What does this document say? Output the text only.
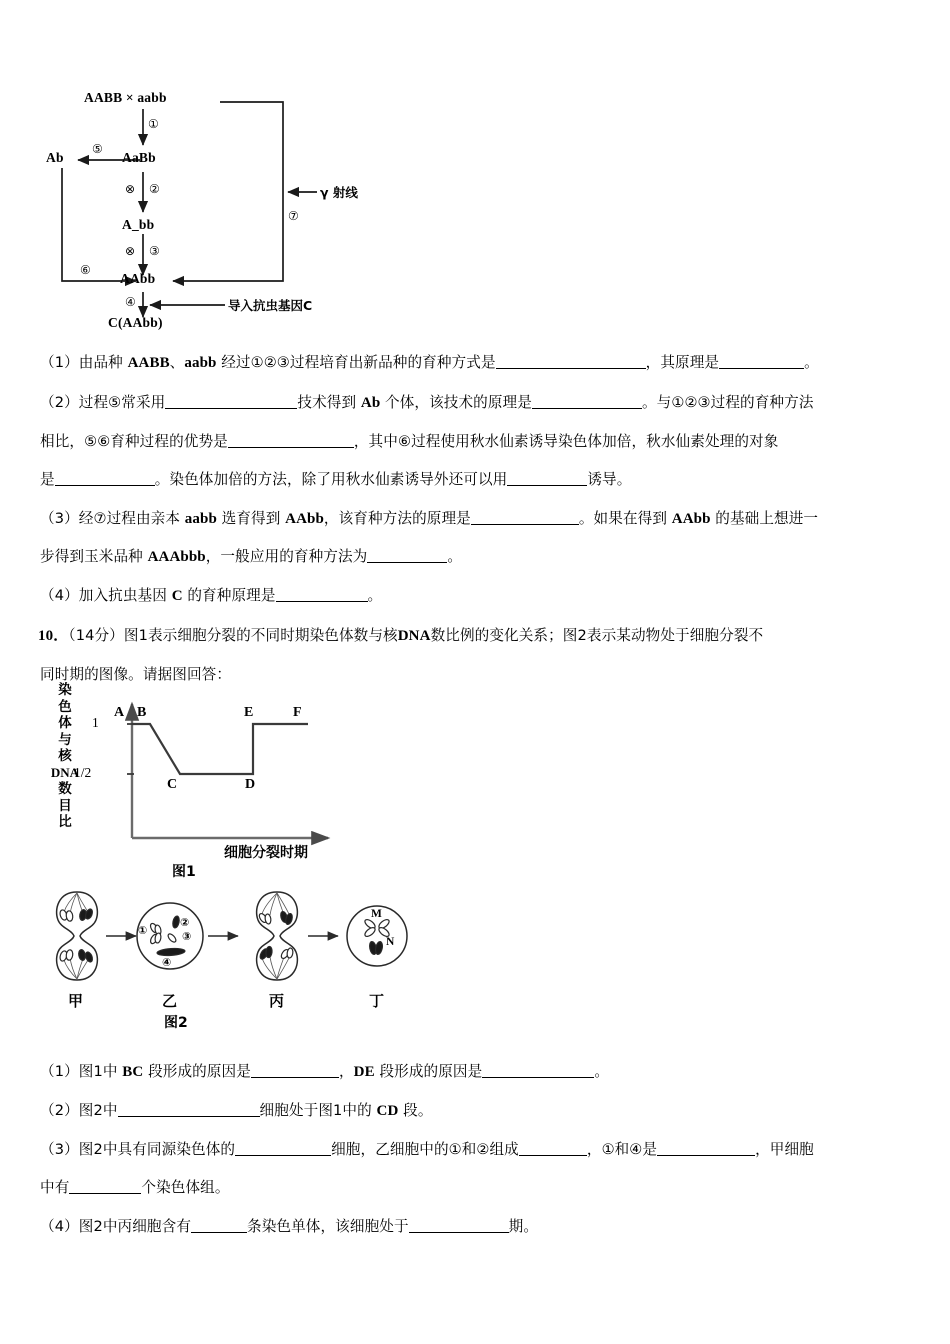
AABB × aabb
AaBb
A_bb
AAbb
Ab
C(AAbb)
①
②
③
④
⑤
⑥
⑦
⊗
⊗
γ 射线
导入抗虫基因C
（1）由品种 AABB、aabb 经过①②③过程培育出新品种的育种方式是	，其原理是	。
（2）过程⑤常采用	技术得到 Ab 个体，该技术的原理是	。与①②③过程的育种方法
相比，⑤⑥育种过程的优势是	，其中⑥过程使用秋水仙素诱导染色体加倍，秋水仙素处理的对象
是	。染色体加倍的方法，除了用秋水仙素诱导外还可以用	诱导。
（3）经⑦过程由亲本 aabb 选育得到 AAbb，该育种方法的原理是	。如果在得到 AAbb 的基础上想进一
步得到玉米品种 AAAbbb，一般应用的育种方法为	。
（4）加入抗虫基因 C 的育种原理是	。
10．（14分）图1表示细胞分裂的不同时期染色体数与核DNA数比例的变化关系；图2表示某动物处于细胞分裂不
同时期的图像。请据图回答：
染
色
体
与
核
DNA
数
目
比
1
1/2
A B
C	D
E	F
细胞分裂时期
图1
甲	乙	丙	丁
①
②
③
④
M
N
图2
（1）图1中 BC 段形成的原因是	，DE 段形成的原因是	。
（2）图2中	细胞处于图1中的 CD 段。
（3）图2中具有同源染色体的	细胞，乙细胞中的①和②组成	，①和④是	，甲细胞
中有	个染色体组。
（4）图2中丙细胞含有	条染色单体，该细胞处于	期。
